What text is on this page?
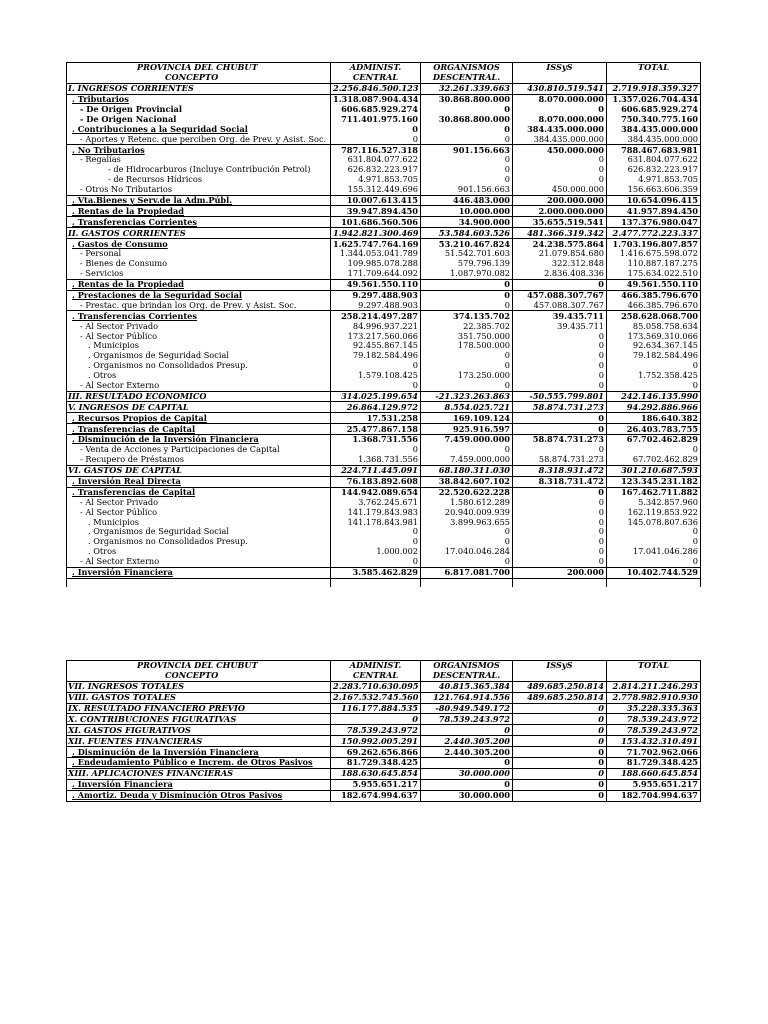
PROVINCIA DEL CHUBUT	ADMINIST.	ORGANISMOS	ISSyS	TOTAL
CONCEPTO	CENTRAL	DESCENTRAL.		
I. INGRESOS CORRIENTES	2.256.846.500.123	32.261.339.663	430.810.519.541	2.719.918.359.327
. Tributarios	1.318.087.904.434	30.868.800.000	8.070.000.000	1.357.026.704.434
- De Origen Provincial	606.685.929.274	0	0	606.685.929.274
- De Origen Nacional	711.401.975.160	30.868.800.000	8.070.000.000	750.340.775.160
. Contribuciones a la Seguridad Social	0	0	384.435.000.000	384.435.000.000
- Aportes y Retenc. que perciben Org. de Prev. y Asist. Soc.	0	0	384.435.000.000	384.435.000.000
. No Tributarios	787.116.527.318	901.156.663	450.000.000	788.467.683.981
- Regalías	631.804.077.622	0	0	631.804.077.622
- de Hidrocarburos (Incluye Contribución Petrol)	626.832.223.917	0	0	626.832.223.917
- de Recursos Hídricos	4.971.853.705	0	0	4.971.853.705
- Otros No Tributarios	155.312.449.696	901.156.663	450.000.000	156.663.606.359
. Vta.Bienes y Serv.de la Adm.Públ.	10.007.613.415	446.483.000	200.000.000	10.654.096.415
. Rentas de la Propiedad	39.947.894.450	10.000.000	2.000.000.000	41.957.894.450
. Transferencias Corrientes	101.686.560.506	34.900.000	35.655.519.541	137.376.980.047
II. GASTOS CORRIENTES	1.942.821.300.469	53.584.603.526	481.366.319.342	2.477.772.223.337
. Gastos de Consumo	1.625.747.764.169	53.210.467.824	24.238.575.864	1.703.196.807.857
- Personal	1.344.053.041.789	51.542.701.603	21.079.854.680	1.416.675.598.072
- Bienes de Consumo	109.985.078.288	579.796.139	322.312.848	110.887.187.275
- Servicios	171.709.644.092	1.087.970.082	2.836.408.336	175.634.022.510
. Rentas de la Propiedad	49.561.550.110	0	0	49.561.550.110
. Prestaciones de la Seguridad Social	9.297.488.903	0	457.088.307.767	466.385.796.670
- Prestac. que brindan los Org. de Prev. y Asist. Soc.	9.297.488.903	0	457.088.307.767	466.385.796.670
. Transferencias Corrientes	258.214.497.287	374.135.702	39.435.711	258.628.068.700
- Al Sector Privado	84.996.937.221	22.385.702	39.435.711	85.058.758.634
- Al Sector Público	173.217.560.066	351.750.000	0	173.569.310.066
. Municipios	92.455.867.145	178.500.000	0	92.634.367.145
. Organismos de Seguridad Social	79.182.584.496	0	0	79.182.584.496
. Organismos no Consolidados Presup.	0	0	0	0
. Otros	1.579.108.425	173.250.000	0	1.752.358.425
- Al Sector Externo	0	0	0	0
III. RESULTADO ECONOMICO	314.025.199.654	-21.323.263.863	-50.555.799.801	242.146.135.990
V. INGRESOS DE CAPITAL	26.864.129.972	8.554.025.721	58.874.731.273	94.292.886.966
. Recursos Propios de Capital	17.531.258	169.109.124	0	186.640.382
. Transferencias de Capital	25.477.867.158	925.916.597	0	26.403.783.755
. Disminución de la Inversión Financiera	1.368.731.556	7.459.000.000	58.874.731.273	67.702.462.829
- Venta de Acciones y Participaciones de Capital	0	0	0	0
- Recupero de Préstamos	1.368.731.556	7.459.000.000	58.874.731.273	67.702.462.829
VI. GASTOS DE CAPITAL	224.711.445.091	68.180.311.030	8.318.931.472	301.210.687.593
. Inversión Real Directa	76.183.892.608	38.842.607.102	8.318.731.472	123.345.231.182
. Transferencias de Capital	144.942.089.654	22.520.622.228	0	167.462.711.882
- Al Sector Privado	3.762.245.671	1.580.612.289	0	5.342.857.960
- Al Sector Público	141.179.843.983	20.940.009.939	0	162.119.853.922
. Municipios	141.178.843.981	3.899.963.655	0	145.078.807.636
. Organismos de Seguridad Social	0	0	0	0
. Organismos no Consolidados Presup.	0	0	0	0
. Otros	1.000.002	17.040.046.284	0	17.041.046.286
- Al Sector Externo	0	0	0	0
. Inversión Financiera	3.585.462.829	6.817.081.700	200.000	10.402.744.529

PROVINCIA DEL CHUBUT	ADMINIST.	ORGANISMOS	ISSyS	TOTAL
CONCEPTO	CENTRAL	DESCENTRAL.		
VII. INGRESOS TOTALES	2.283.710.630.095	40.815.365.384	489.685.250.814	2.814.211.246.293
VIII. GASTOS TOTALES	2.167.532.745.560	121.764.914.556	489.685.250.814	2.778.982.910.930
IX. RESULTADO FINANCIERO PREVIO	116.177.884.535	-80.949.549.172	0	35.228.335.363
X. CONTRIBUCIONES FIGURATIVAS	0	78.539.243.972	0	78.539.243.972
XI. GASTOS FIGURATIVOS	78.539.243.972	0	0	78.539.243.972
XII. FUENTES FINANCIERAS	150.992.005.291	2.440.305.200	0	153.432.310.491
. Disminución de la Inversión Financiera	69.262.656.866	2.440.305.200	0	71.702.962.066
. Endeudamiento Público e Increm. de Otros Pasivos	81.729.348.425	0	0	81.729.348.425
XIII. APLICACIONES FINANCIERAS	188.630.645.854	30.000.000	0	188.660.645.854
. Inversión Financiera	5.955.651.217	0	0	5.955.651.217
. Amortiz. Deuda y Disminución Otros Pasivos	182.674.994.637	30.000.000	0	182.704.994.637
